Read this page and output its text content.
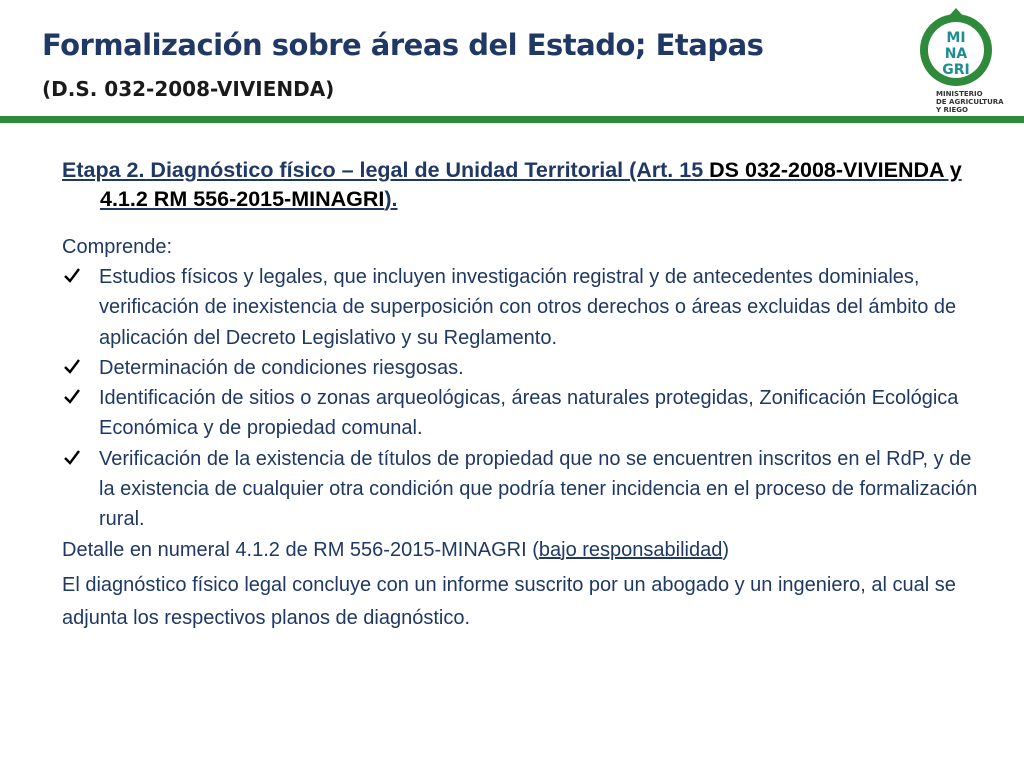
Formalización sobre áreas del Estado; Etapas
(D.S. 032-2008-VIVIENDA)
MI
NA
GRI
MINISTERIO
DE AGRICULTURA
Y RIEGO

Etapa 2. Diagnóstico físico – legal de Unidad Territorial (Art. 15 DS 032-2008-VIVIENDA y 4.1.2 RM 556-2015-MINAGRI).

Comprende:

Estudios físicos y legales, que incluyen investigación registral y de antecedentes dominiales, verificación de inexistencia de superposición con otros derechos o áreas excluidas del ámbito de aplicación del Decreto Legislativo y su Reglamento.
Determinación de condiciones riesgosas.
Identificación de sitios o zonas arqueológicas, áreas naturales protegidas, Zonificación Ecológica Económica y de propiedad comunal.
Verificación de la existencia de títulos de propiedad que no se encuentren inscritos en el RdP, y de la existencia de cualquier otra condición que podría tener incidencia en el proceso de formalización rural.

Detalle en numeral 4.1.2 de RM 556-2015-MINAGRI (bajo responsabilidad)

El diagnóstico físico legal concluye con un informe suscrito por un abogado y un ingeniero, al cual se adjunta los respectivos planos de diagnóstico.
